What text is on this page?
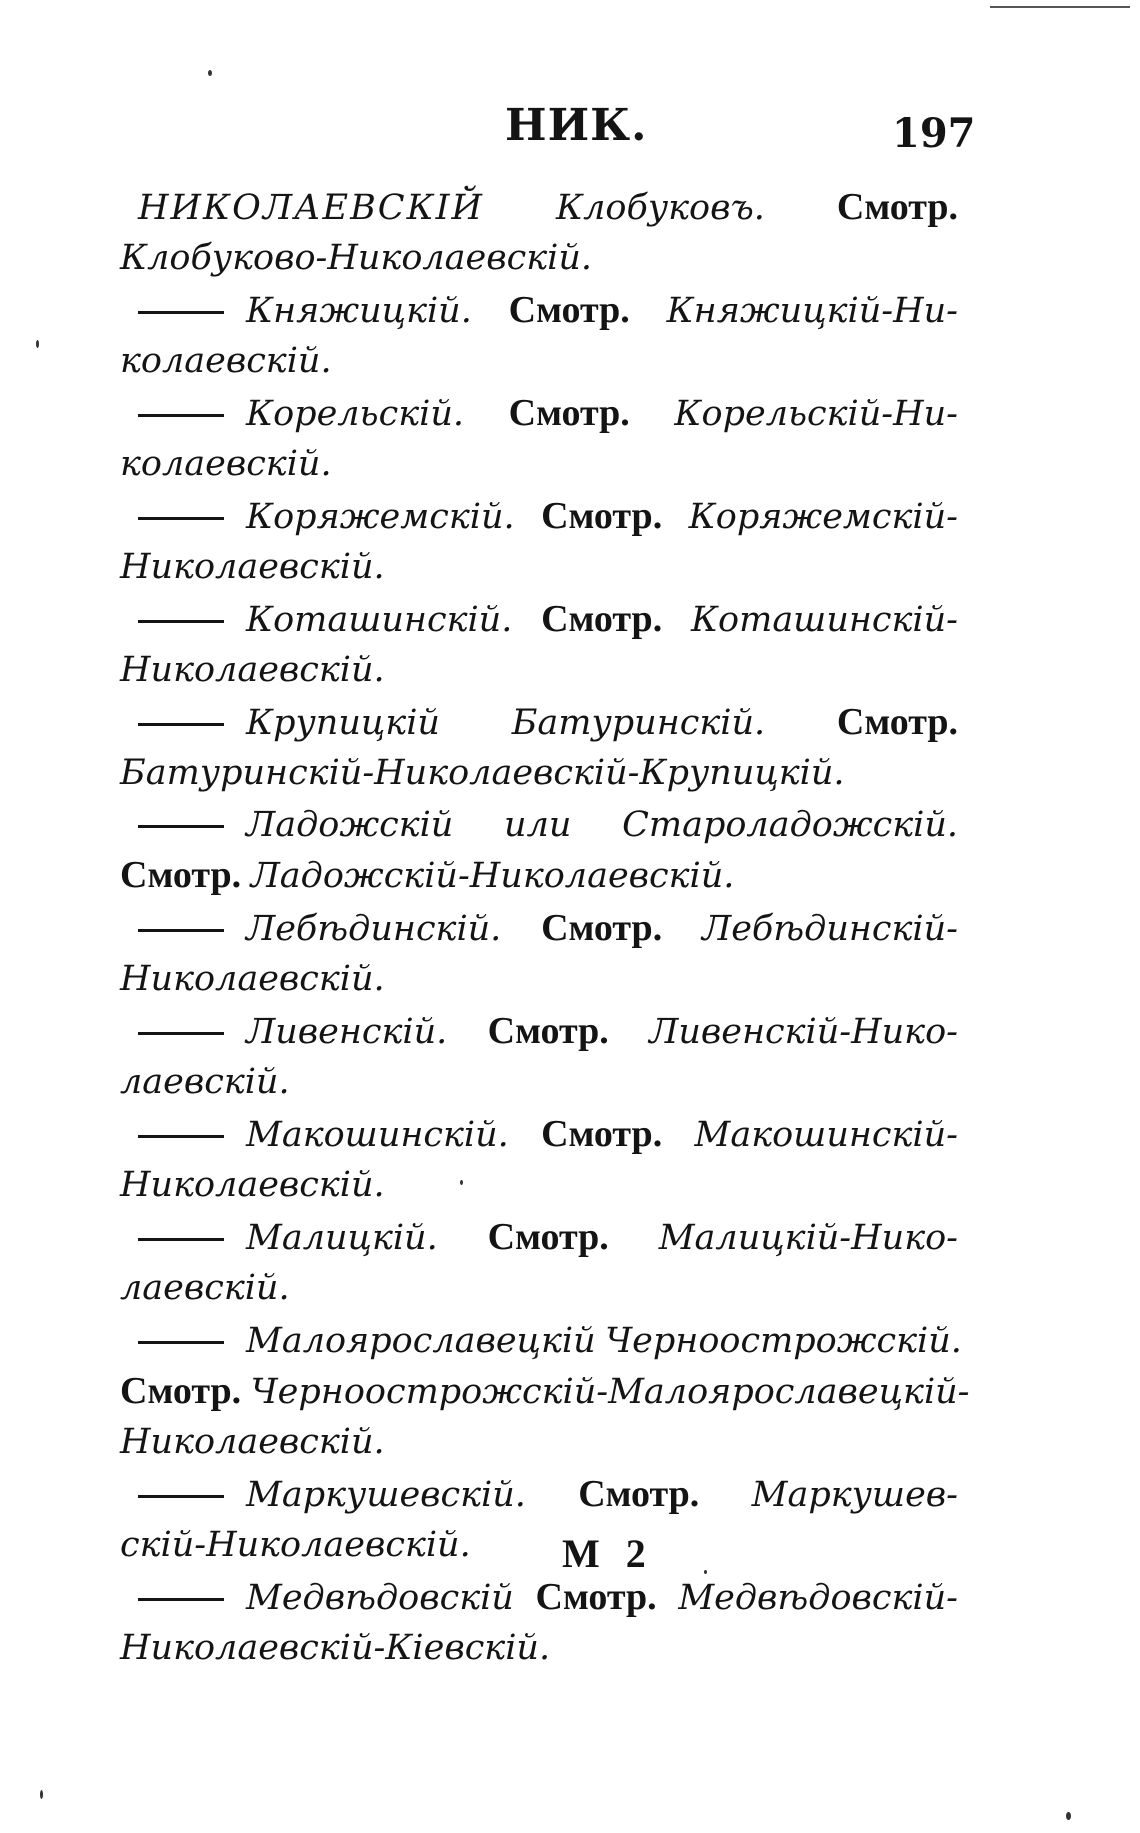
НИК.	197
НИКОЛАЕВСКІЙ Клобуковъ. Смотр.
Клобуково-Николаевскій.
Княжицкій. Смотр. Княжицкій-Ни-
колаевскій.
Корельскій. Смотр. Корельскій-Ни-
колаевскій.
Коряжемскій. Смотр. Коряжемскій-
Николаевскій.
Коташинскій. Смотр. Коташинскій-
Николаевскій.
Крупицкій Батуринскій. Смотр.
Батуринскій-Николаевскій-Крупицкій.
Ладожскій или Староладожскій.
Смотр. Ладожскій-Николаевскій.
Лебѣдинскій. Смотр. Лебѣдинскій-
Николаевскій.
Ливенскій. Смотр. Ливенскій-Нико-
лаевскій.
Макошинскій. Смотр. Макошинскій-
Николаевскій.
Малицкій. Смотр. Малицкій-Нико-
лаевскій.
Малоярославецкій Черноострожскій.
Смотр. Черноострожскій-Малоярославецкій-
Николаевскій.
Маркушевскій. Смотр. Маркушев-
скій-Николаевскій.
Медвѣдовскій Смотр. Медвѣдовскій-
Николаевскій-Кіевскій.
М 2
